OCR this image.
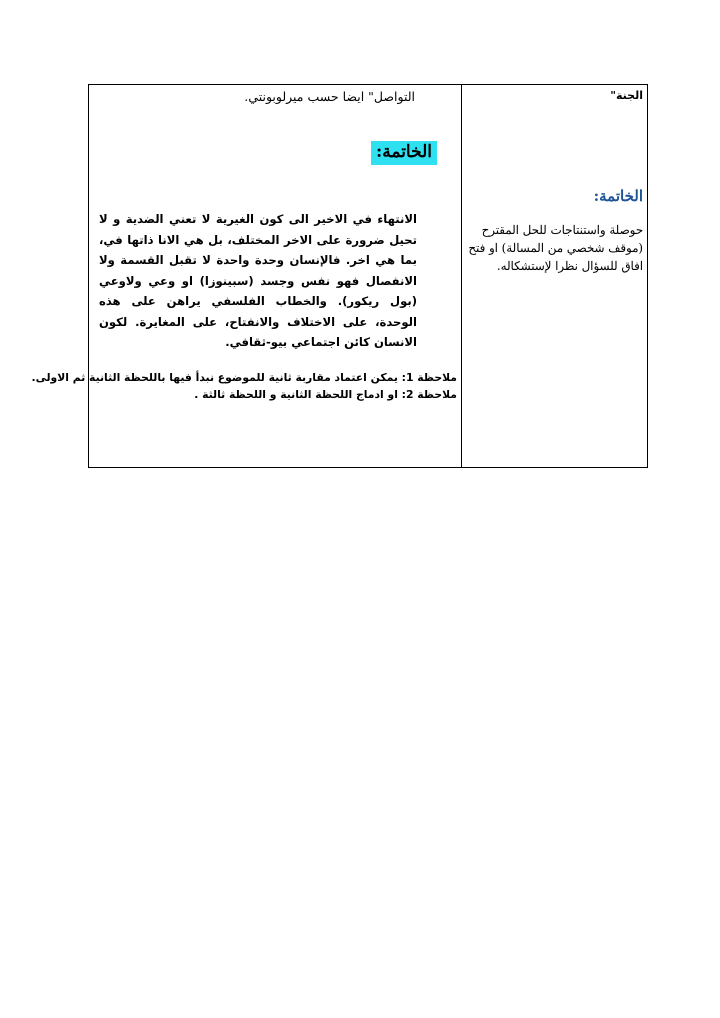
التواصل" ايضا حسب ميرلوبونتي.
الخاتمة:
الانتهاء في الاخير الى كون الغيرية لا تعني الضدية و لا تحيل ضرورة على الاخر المختلف، بل هي الانا ذاتها في، بما هي اخر. فالإنسان وحدة واحدة لا تقبل القسمة ولا الانفصال فهو نفس وجسد (سبينوزا) او وعي ولاوعي (بول ريكور). والخطاب الفلسفي يراهن على هذه الوحدة، على الاختلاف والانفتاح، على المغايرة. لكون الانسان كائن اجتماعي بيو-ثقافي.
ملاحظة 1: يمكن اعتماد مقاربة ثانية للموضوع نبدأ فيها باللحظة الثانية ثم الاولى.
ملاحظة 2: او ادماج اللحظة الثانية و اللحظة ثالثة .
الجنة"
الخاتمة:
حوصلة واستنتاجات للحل المقترح
(موقف شخصي من المسالة) او فتح
افاق للسؤال نظرا لإستشكاله.
